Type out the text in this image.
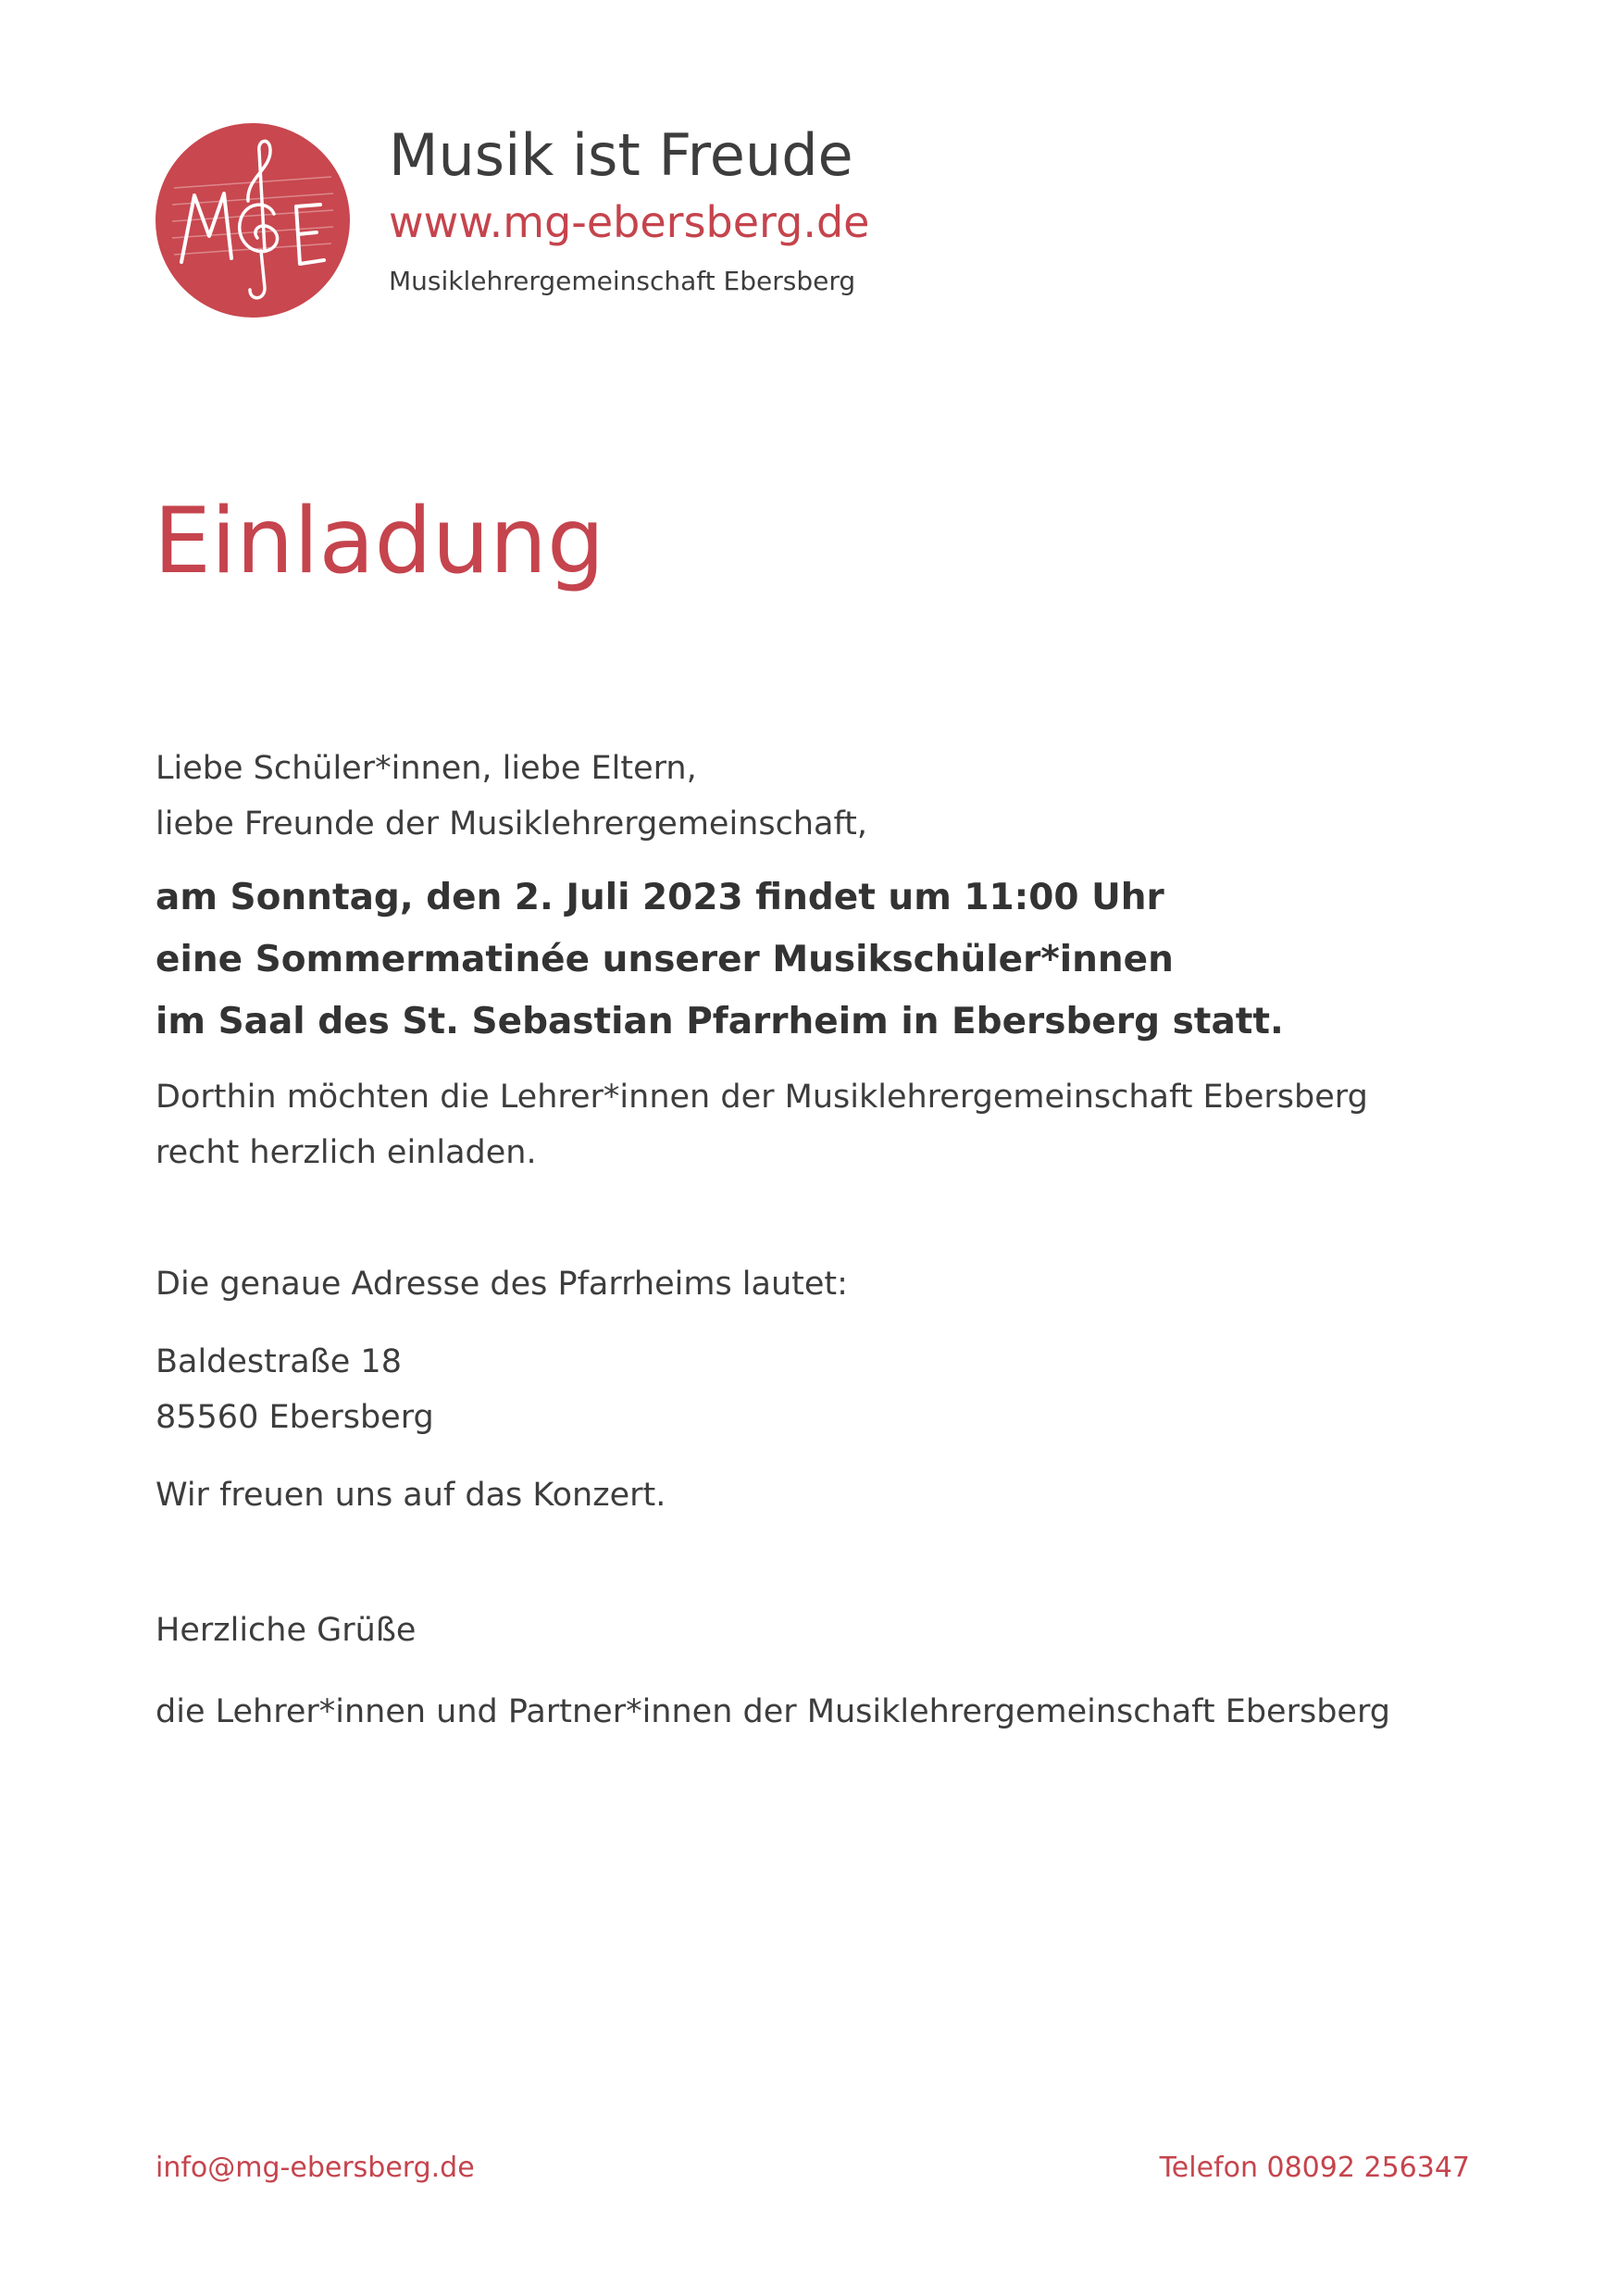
Musik ist Freude
www.mg-ebersberg.de
Musiklehrergemeinschaft Ebersberg
Einladung

Liebe Schüler*innen, liebe Eltern,

liebe Freunde der Musiklehrergemeinschaft,

am Sonntag, den 2. Juli 2023 findet um 11:00 Uhr

eine Sommermatinée unserer Musikschüler*innen

im Saal des St. Sebastian Pfarrheim in Ebersberg statt.

Dorthin möchten die Lehrer*innen der Musiklehrergemeinschaft Ebersberg

recht herzlich einladen.

Die genaue Adresse des Pfarrheims lautet:

Baldestraße 18

85560 Ebersberg

Wir freuen uns auf das Konzert.

Herzliche Grüße

die Lehrer*innen und Partner*innen der Musiklehrergemeinschaft Ebersberg

info@mg-ebersberg.de	Telefon 08092 256347
